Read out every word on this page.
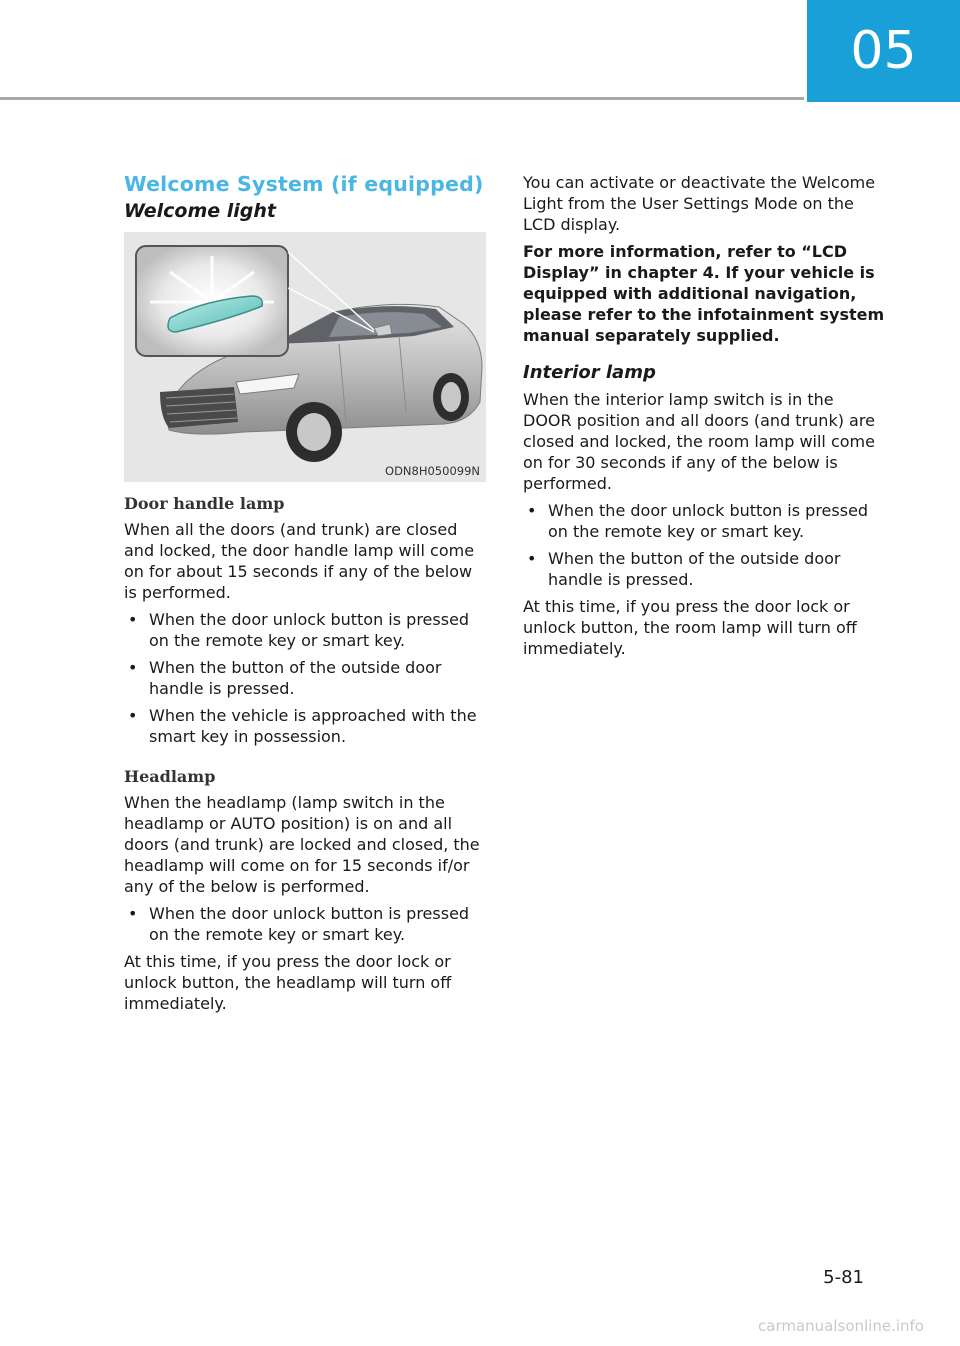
05
Welcome System (if equipped)
Welcome light
ODN8H050099N
Door handle lamp

When all the doors (and trunk) are closed and locked, the door handle lamp will come on for about 15 seconds if any of the below is performed.

• When the door unlock button is pressed on the remote key or smart key.
• When the button of the outside door handle is pressed.
• When the vehicle is approached with the smart key in possession.
Headlamp

When the headlamp (lamp switch in the headlamp or AUTO position) is on and all doors (and trunk) are locked and closed, the headlamp will come on for 15 seconds if/or any of the below is performed.

• When the door unlock button is pressed on the remote key or smart key.

At this time, if you press the door lock or unlock button, the headlamp will turn off immediately.

You can activate or deactivate the Welcome Light from the User Settings Mode on the LCD display.

For more information, refer to “LCD Display” in chapter 4. If your vehicle is equipped with additional navigation, please refer to the infotainment system manual separately supplied.

Interior lamp

When the interior lamp switch is in the DOOR position and all doors (and trunk) are closed and locked, the room lamp will come on for 30 seconds if any of the below is performed.

• When the door unlock button is pressed on the remote key or smart key.
• When the button of the outside door handle is pressed.

At this time, if you press the door lock or unlock button, the room lamp will turn off immediately.

5-81
carmanualsonline.info
